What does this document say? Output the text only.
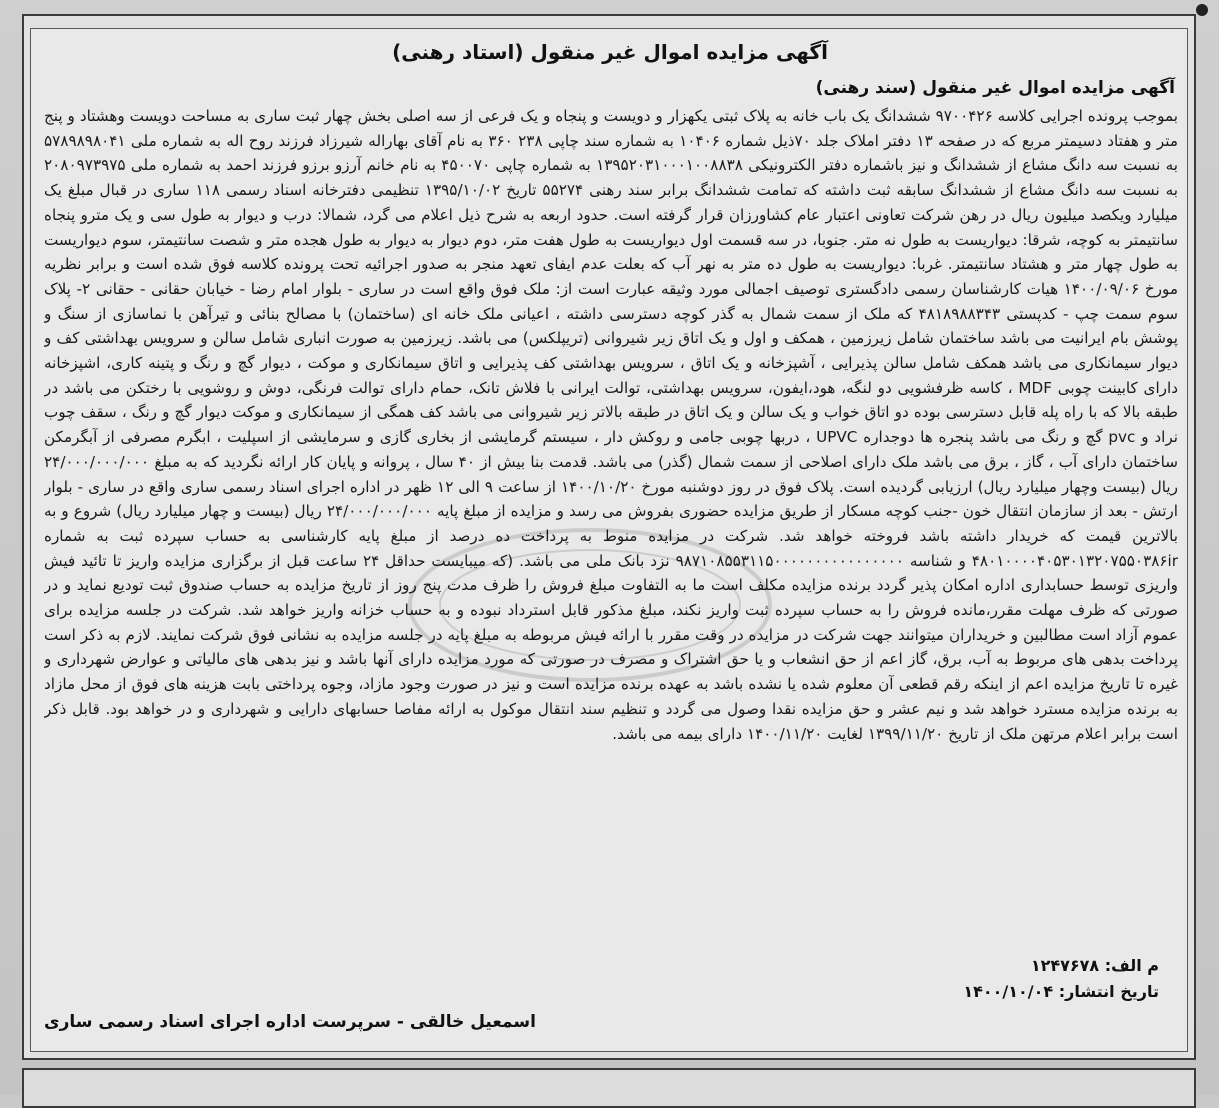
آگهی مزایده اموال غیر منقول (استاد رهنی)
آگهی مزایده اموال غیر منقول (سند رهنی)
بموجب پرونده اجرایی کلاسه ۹۷۰۰۴۲۶ ششدانگ یک باب خانه به پلاک ثبتی یکهزار و دویست و پنجاه و یک فرعی از سه اصلی بخش چهار ثبت ساری به مساحت دویست وهشتاد و پنج متر و هفتاد دسیمتر مربع که در صفحه ۱۳ دفتر املاک جلد ۷۰ذیل شماره ۱۰۴۰۶ به شماره سند چاپی ۲۳۸ ۳۶۰ به نام آقای بهاراله شیرزاد فرزند روح اله به شماره ملی ۵۷۸۹۸۹۸۰۴۱ به نسبت سه دانگ مشاع از ششدانگ و نیز باشماره دفتر الکترونیکی ۱۳۹۵۲۰۳۱۰۰۰۱۰۰۸۸۳۸ به شماره چاپی ۴۵۰۰۷۰ به نام خانم آرزو برزو فرزند احمد به شماره ملی ۲۰۸۰۹۷۳۹۷۵ به نسبت سه دانگ مشاع از ششدانگ سابقه ثبت داشته که تمامت ششدانگ برابر سند رهنی ۵۵۲۷۴ تاریخ ۱۳۹۵/۱۰/۰۲ تنظیمی دفترخانه اسناد رسمی ۱۱۸ ساری در قبال مبلغ یک میلیارد ویکصد میلیون ریال در رهن شرکت تعاونی اعتبار عام کشاورزان قرار گرفته است. حدود اربعه به شرح ذیل اعلام می گرد، شمالا: درب و دیوار به طول سی و یک مترو پنجاه سانتیمتر به کوچه، شرقا: دیواریست به طول نه متر. جنوبا، در سه قسمت اول دیواریست به طول هفت متر، دوم دیوار به دیوار به طول هجده متر و شصت سانتیمتر، سوم دیواریست به طول چهار متر و هشتاد سانتیمتر. غربا: دیواریست به طول ده متر به نهر آب که بعلت عدم ایفای تعهد منجر به صدور اجرائیه تحت پرونده کلاسه فوق شده است و برابر نظریه مورخ ۱۴۰۰/۰۹/۰۶ هیات کارشناسان رسمی دادگستری توصیف اجمالی مورد وثیقه عبارت است از: ملک فوق واقع است در ساری - بلوار امام رضا - خیابان حقانی - حقانی ۲- پلاک سوم سمت چپ - کدپستی ۴۸۱۸۹۸۸۳۴۳ که ملک از سمت شمال به گذر کوچه دسترسی داشته ، اعیانی ملک خانه ای (ساختمان) با مصالح بنائی و تیرآهن با نماسازی از سنگ و پوشش بام ایرانیت می باشد ساختمان شامل زیرزمین ، همکف و اول و یک اتاق زیر شیروانی (تریپلکس) می باشد. زیرزمین به صورت انباری شامل سالن و سرویس بهداشتی کف و دیوار سیمانکاری می باشد همکف شامل سالن پذیرایی ، آشپزخانه و یک اتاق ، سرویس بهداشتی کف پذیرایی و اتاق سیمانکاری و موکت ، دیوار گچ و رنگ و پتینه کاری، اشپزخانه دارای کابینت چوبی MDF ، کاسه ظرفشویی دو لنگه، هود،ایفون، سرویس بهداشتی، توالت ایرانی با فلاش تانک، حمام دارای توالت فرنگی، دوش و روشویی با رختکن می باشد در طبقه بالا که با راه پله قابل دسترسی بوده دو اتاق خواب و یک سالن و یک اتاق در طبقه بالاتر زیر شیروانی می باشد کف همگی از سیمانکاری و موکت دیوار گچ و رنگ ، سقف چوب نراد و pvc گچ و رنگ می باشد پنجره ها دوجداره UPVC ، دربها چوبی جامی و روکش دار ، سیستم گرمایشی از بخاری گازی و سرمایشی از اسپلیت ، ابگرم مصرفی از آبگرمکن ساختمان دارای آب ، گاز ، برق می باشد ملک دارای اصلاحی از سمت شمال (گذر) می باشد. قدمت بنا بیش از ۴۰ سال ، پروانه و پایان کار ارائه نگردید که به مبلغ ۲۴/۰۰۰/۰۰۰/۰۰۰ ریال (بیست وچهار میلیارد ریال) ارزیابی گردیده است. پلاک فوق در روز دوشنبه مورخ ۱۴۰۰/۱۰/۲۰ از ساعت ۹ الی ۱۲ ظهر در اداره اجرای اسناد رسمی ساری واقع در ساری - بلوار ارتش - بعد از سازمان انتقال خون -جنب کوچه مسکار از طریق مزایده حضوری بفروش می رسد و مزایده از مبلغ پایه ۲۴/۰۰۰/۰۰۰/۰۰۰ ریال (بیست و چهار میلیارد ریال) شروع و به بالاترین قیمت که خریدار داشته باشد فروخته خواهد شد. شرکت در مزایده منوط به پرداخت ده درصد از مبلغ پایه کارشناسی به حساب سپرده ثبت به شماره ۴۸۰۱۰۰۰۰۴۰۵۳۰۱۳۲۰۷۵۵۰۳۸۶ir و شناسه ۹۸۷۱۰۸۵۵۳۱۱۵۰۰۰۰۰۰۰۰۰۰۰۰۰۰۰۰ نزد بانک ملی می باشد. (که میبایست حداقل ۲۴ ساعت قبل از برگزاری مزایده واریز تا تائید فیش واریزی توسط حسابداری اداره امکان پذیر گردد برنده مزایده مکلف است ما به التفاوت مبلغ فروش را ظرف مدت پنج روز از تاریخ مزایده به حساب صندوق ثبت تودیع نماید و در صورتی که ظرف مهلت مقرر،مانده فروش را به حساب سپرده ثبت واریز نکند، مبلغ مذکور قابل استرداد نبوده و به حساب خزانه واریز خواهد شد. شرکت در جلسه مزایده برای عموم آزاد است مطالبین و خریداران میتوانند جهت شرکت در مزایده در وقت مقرر با ارائه فیش مربوطه به مبلغ پایه در جلسه مزایده به نشانی فوق شرکت نمایند. لازم به ذکر است پرداخت بدهی های مربوط به آب، برق، گاز اعم از حق انشعاب و یا حق اشتراک و مصرف در صورتی که مورد مزایده دارای آنها باشد و نیز بدهی های مالیاتی و عوارض شهرداری و غیره تا تاریخ مزایده اعم از اینکه رقم قطعی آن معلوم شده یا نشده باشد به عهده برنده مزایده است و نیز در صورت وجود مازاد، وجوه پرداختی بابت هزینه های فوق از محل مازاد به برنده مزایده مسترد خواهد شد و نیم عشر و حق مزایده نقدا وصول می گردد و تنظیم سند انتقال موکول به ارائه مفاصا حسابهای دارایی و شهرداری و در خواهد بود. قابل ذکر است برابر اعلام مرتهن ملک از تاریخ ۱۳۹۹/۱۱/۲۰ لغایت ۱۴۰۰/۱۱/۲۰ دارای بیمه می باشد.
م الف: ۱۲۴۷۶۷۸
تاریخ انتشار: ۱۴۰۰/۱۰/۰۴
اسمعیل خالقی - سرپرست اداره اجرای اسناد رسمی ساری
